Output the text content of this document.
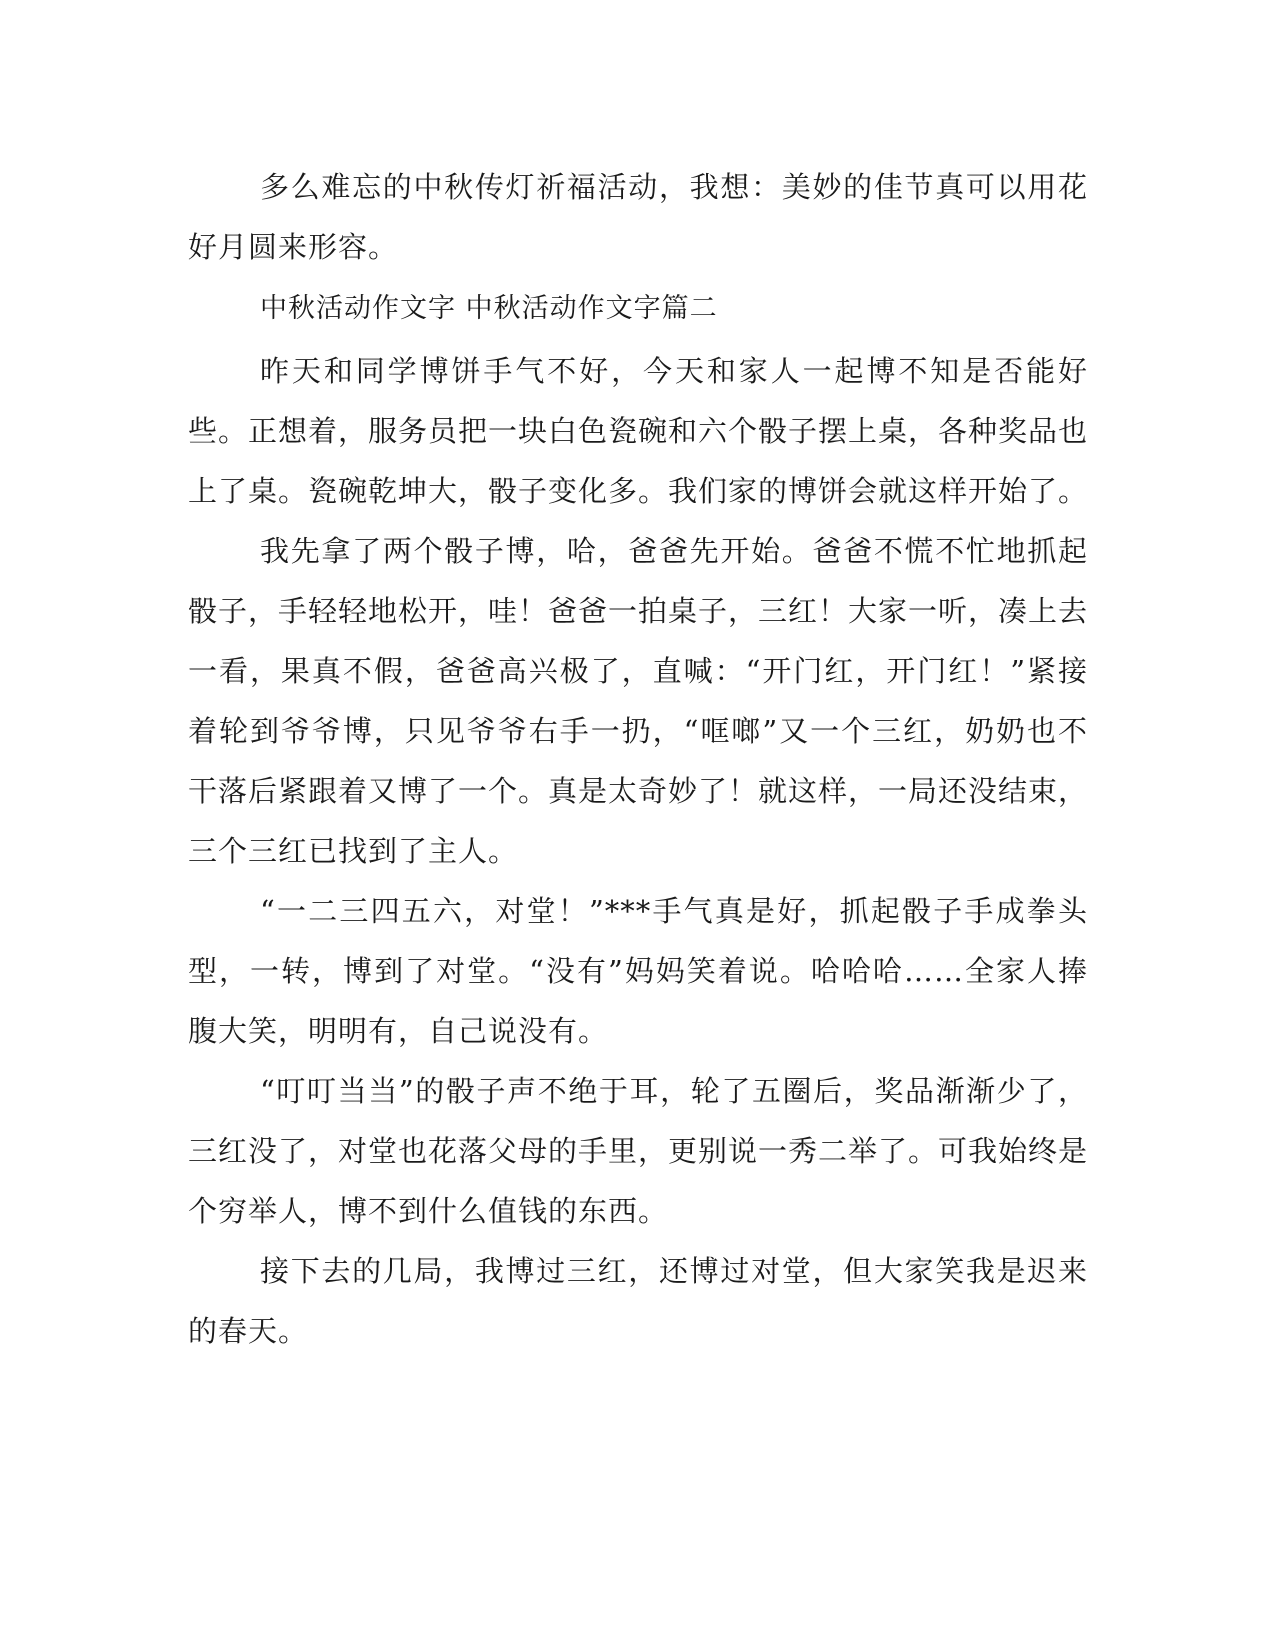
多么难忘的中秋传灯祈福活动，我想：美妙的佳节真可以用花好月圆来形容。

中秋活动作文字 中秋活动作文字篇二

昨天和同学博饼手气不好，今天和家人一起博不知是否能好些。正想着，服务员把一块白色瓷碗和六个骰子摆上桌，各种奖品也上了桌。瓷碗乾坤大，骰子变化多。我们家的博饼会就这样开始了。

我先拿了两个骰子博，哈，爸爸先开始。爸爸不慌不忙地抓起骰子，手轻轻地松开，哇！爸爸一拍桌子，三红！大家一听，凑上去一看，果真不假，爸爸高兴极了，直喊：“开门红，开门红！”紧接着轮到爷爷博，只见爷爷右手一扔，“哐啷”又一个三红，奶奶也不干落后紧跟着又博了一个。真是太奇妙了！就这样，一局还没结束，三个三红已找到了主人。

“一二三四五六，对堂！”***手气真是好，抓起骰子手成拳头型，一转，博到了对堂。“没有”妈妈笑着说。哈哈哈……全家人捧腹大笑，明明有，自己说没有。

“叮叮当当”的骰子声不绝于耳，轮了五圈后，奖品渐渐少了，三红没了，对堂也花落父母的手里，更别说一秀二举了。可我始终是个穷举人，博不到什么值钱的东西。

接下去的几局，我博过三红，还博过对堂，但大家笑我是迟来的春天。
